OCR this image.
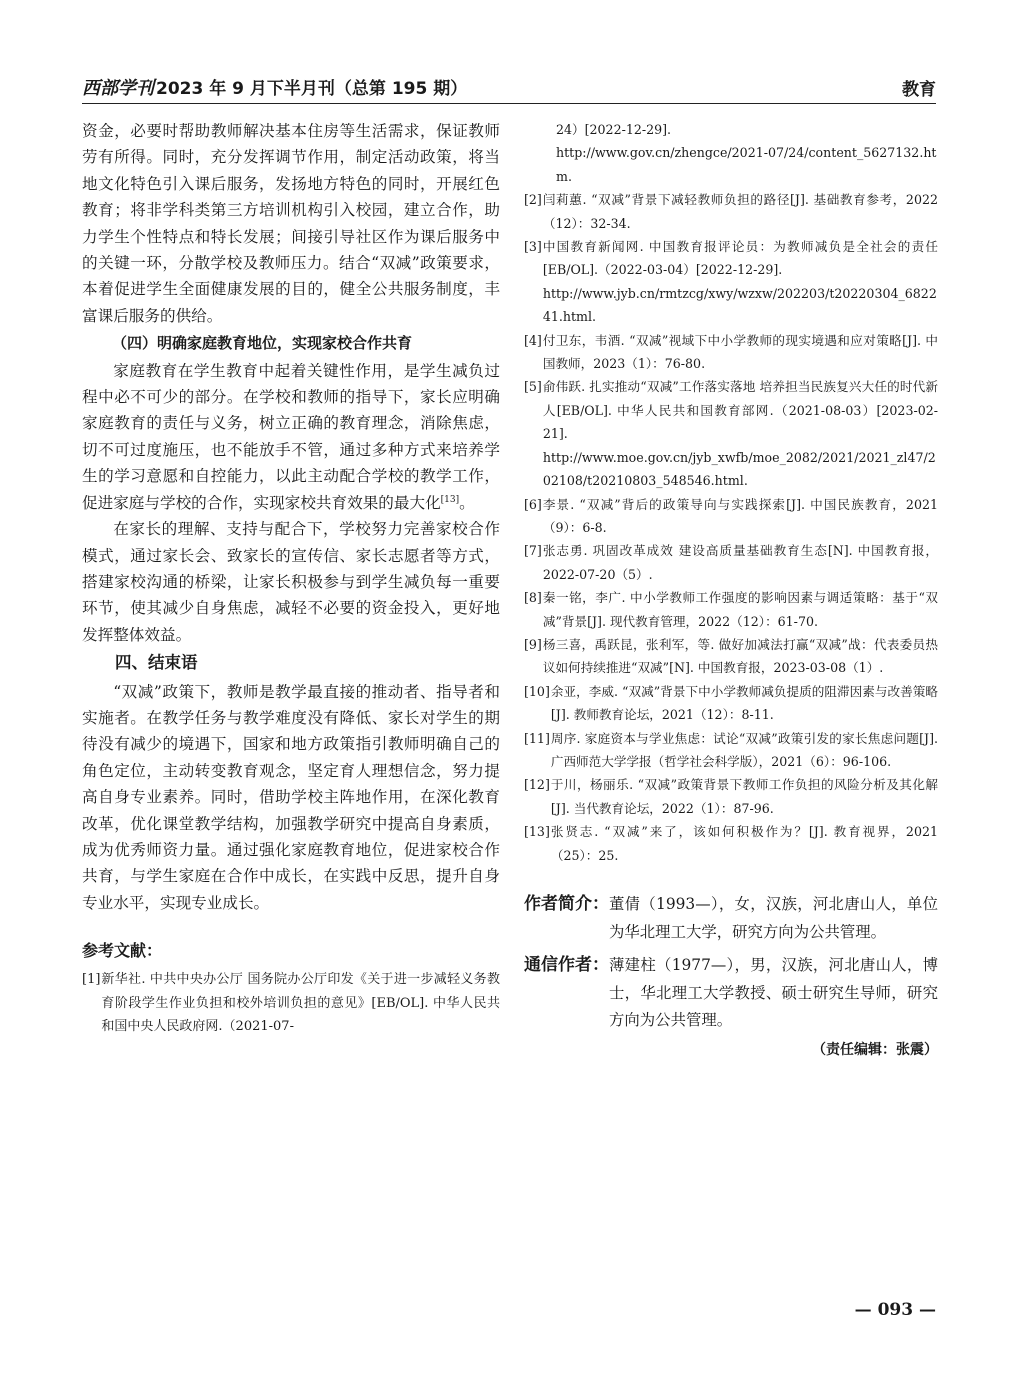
西部学刊 2023 年 9 月下半月刊（总第 195 期）	教育

资金，必要时帮助教师解决基本住房等生活需求，保证教师劳有所得。同时，充分发挥调节作用，制定活动政策，将当地文化特色引入课后服务，发扬地方特色的同时，开展红色教育；将非学科类第三方培训机构引入校园，建立合作，助力学生个性特点和特长发展；间接引导社区作为课后服务中的关键一环，分散学校及教师压力。结合“双减”政策要求，本着促进学生全面健康发展的目的，健全公共服务制度，丰富课后服务的供给。

（四）明确家庭教育地位，实现家校合作共育

家庭教育在学生教育中起着关键性作用，是学生减负过程中必不可少的部分。在学校和教师的指导下，家长应明确家庭教育的责任与义务，树立正确的教育理念，消除焦虑，切不可过度施压，也不能放手不管，通过多种方式来培养学生的学习意愿和自控能力，以此主动配合学校的教学工作，促进家庭与学校的合作，实现家校共育效果的最大化[13]。

在家长的理解、支持与配合下，学校努力完善家校合作模式，通过家长会、致家长的宣传信、家长志愿者等方式，搭建家校沟通的桥梁，让家长积极参与到学生减负每一重要环节，使其减少自身焦虑，减轻不必要的资金投入，更好地发挥整体效益。

四、结束语

“双减”政策下，教师是教学最直接的推动者、指导者和实施者。在教学任务与教学难度没有降低、家长对学生的期待没有减少的境遇下，国家和地方政策指引教师明确自己的角色定位，主动转变教育观念，坚定育人理想信念，努力提高自身专业素养。同时，借助学校主阵地作用，在深化教育改革，优化课堂教学结构，加强教学研究中提高自身素质，成为优秀师资力量。通过强化家庭教育地位，促进家校合作共育，与学生家庭在合作中成长，在实践中反思，提升自身专业水平，实现专业成长。

参考文献：
[1] 新华社. 中共中央办公厅 国务院办公厅印发《关于进一步减轻义务教育阶段学生作业负担和校外培训负担的意见》[EB/OL]. 中华人民共和国中央人民政府网.（2021-07-
24）[2022-12-29].
http://www.gov.cn/zhengce/2021-07/24/content_5627132.htm.
[2] 闫莉蕙. “双减”背景下减轻教师负担的路径[J]. 基础教育参考，2022（12）：32-34.
[3] 中国教育新闻网. 中国教育报评论员：为教师减负是全社会的责任[EB/OL].（2022-03-04）[2022-12-29].
http://www.jyb.cn/rmtzcg/xwy/wzxw/202203/t20220304_682241.html.
[4] 付卫东，韦酒. “双减”视域下中小学教师的现实境遇和应对策略[J]. 中国教师，2023（1）：76-80.
[5] 俞伟跃. 扎实推动“双减”工作落实落地 培养担当民族复兴大任的时代新人[EB/OL]. 中华人民共和国教育部网.（2021-08-03）[2023-02-21].
http://www.moe.gov.cn/jyb_xwfb/moe_2082/2021/2021_zl47/202108/t20210803_548546.html.
[6] 李景. “双减”背后的政策导向与实践探索[J]. 中国民族教育，2021（9）：6-8.
[7] 张志勇. 巩固改革成效 建设高质量基础教育生态[N]. 中国教育报，2022-07-20（5）.
[8] 秦一铭，李广. 中小学教师工作强度的影响因素与调适策略：基于“双减”背景[J]. 现代教育管理，2022（12）：61-70.
[9] 杨三喜，禹跃昆，张利军，等. 做好加减法打赢“双减”战：代表委员热议如何持续推进“双减”[N]. 中国教育报，2023-03-08（1）.
[10] 余亚，李威. “双减”背景下中小学教师减负提质的阻滞因素与改善策略[J]. 教师教育论坛，2021（12）：8-11.
[11] 周序. 家庭资本与学业焦虑：试论“双减”政策引发的家长焦虑问题[J]. 广西师范大学学报（哲学社会科学版），2021（6）：96-106.
[12] 于川，杨丽乐. “双减”政策背景下教师工作负担的风险分析及其化解[J]. 当代教育论坛，2022（1）：87-96.
[13] 张贤志. “双减”来了，该如何积极作为？[J]. 教育视界，2021（25）：25.
作者简介： 董倩（1993—），女，汉族，河北唐山人，单位为华北理工大学，研究方向为公共管理。
通信作者： 薄建柱（1977—），男，汉族，河北唐山人，博士，华北理工大学教授、硕士研究生导师，研究方向为公共管理。
（责任编辑：张震）
— 093 —
